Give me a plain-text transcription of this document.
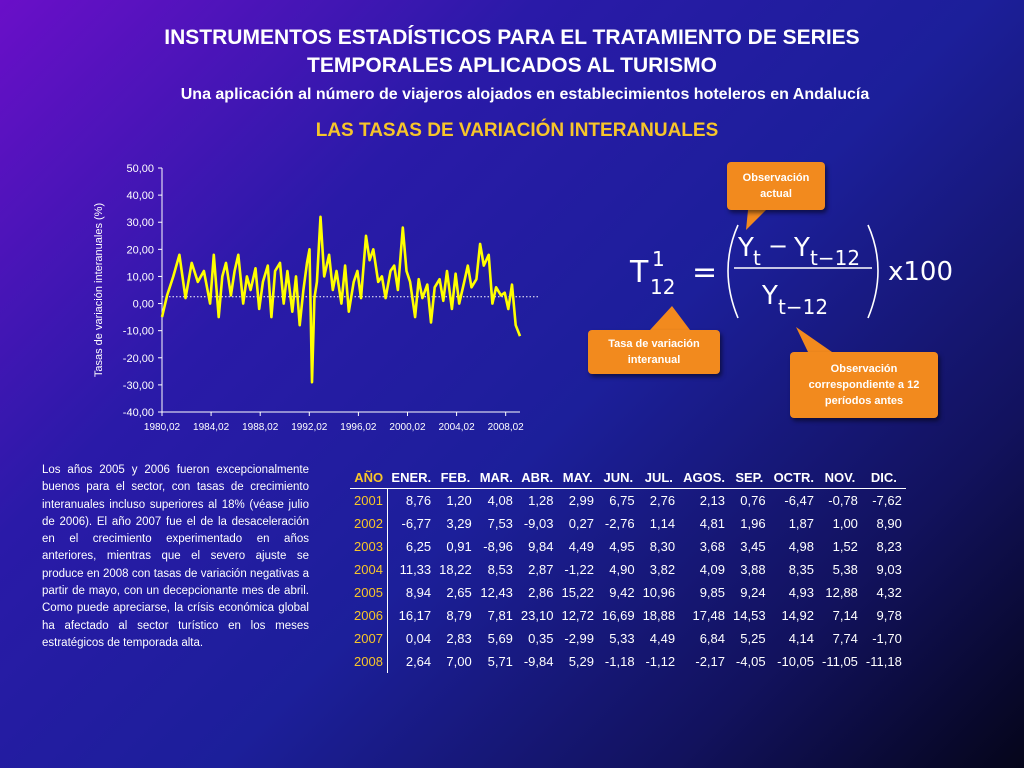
INSTRUMENTOS ESTADÍSTICOS PARA EL TRATAMIENTO DE SERIES
TEMPORALES APLICADOS AL TURISMO
Una aplicación al número de viajeros alojados en establecimientos hoteleros en Andalucía
LAS TASAS DE VARIACIÓN INTERANUALES
50,00
40,00
30,00
20,00
10,00
0,00
-10,00
-20,00
-30,00
-40,00
1980,02 1984,02 1988,02 1992,02 1996,02 2000,02 2004,02 2008,02
Tasas de variación interanuales (%)
Observación actual
Tasa de variación interanual
Observación correspondiente a 12 períodos antes
T 1
12 =
Y t − Y t−12
Y t−12
x100
Los años 2005 y 2006 fueron excepcionalmente buenos para el sector, con tasas de crecimiento interanuales incluso superiores al 18% (véase julio de 2006). El año 2007 fue el de la desaceleración en el crecimiento experimentado en años anteriores, mientras que el severo ajuste se produce en 2008 con tasas de variación negativas a partir de mayo, con un decepcionante mes de abril. Como puede apreciarse, la crísis económica global ha afectado al sector turístico en los meses estratégicos de temporada alta.
AÑO	ENER.	FEB.	MAR.	ABR.	MAY.	JUN.	JUL.	AGOS.	SEP.	OCTR.	NOV.	DIC.
2001	8,76	1,20	4,08	1,28	2,99	6,75	2,76	2,13	0,76	-6,47	-0,78	-7,62
2002	-6,77	3,29	7,53	-9,03	0,27	-2,76	1,14	4,81	1,96	1,87	1,00	8,90
2003	6,25	0,91	-8,96	9,84	4,49	4,95	8,30	3,68	3,45	4,98	1,52	8,23
2004	11,33	18,22	8,53	2,87	-1,22	4,90	3,82	4,09	3,88	8,35	5,38	9,03
2005	8,94	2,65	12,43	2,86	15,22	9,42	10,96	9,85	9,24	4,93	12,88	4,32
2006	16,17	8,79	7,81	23,10	12,72	16,69	18,88	17,48	14,53	14,92	7,14	9,78
2007	0,04	2,83	5,69	0,35	-2,99	5,33	4,49	6,84	5,25	4,14	7,74	-1,70
2008	2,64	7,00	5,71	-9,84	5,29	-1,18	-1,12	-2,17	-4,05	-10,05	-11,05	-11,18
